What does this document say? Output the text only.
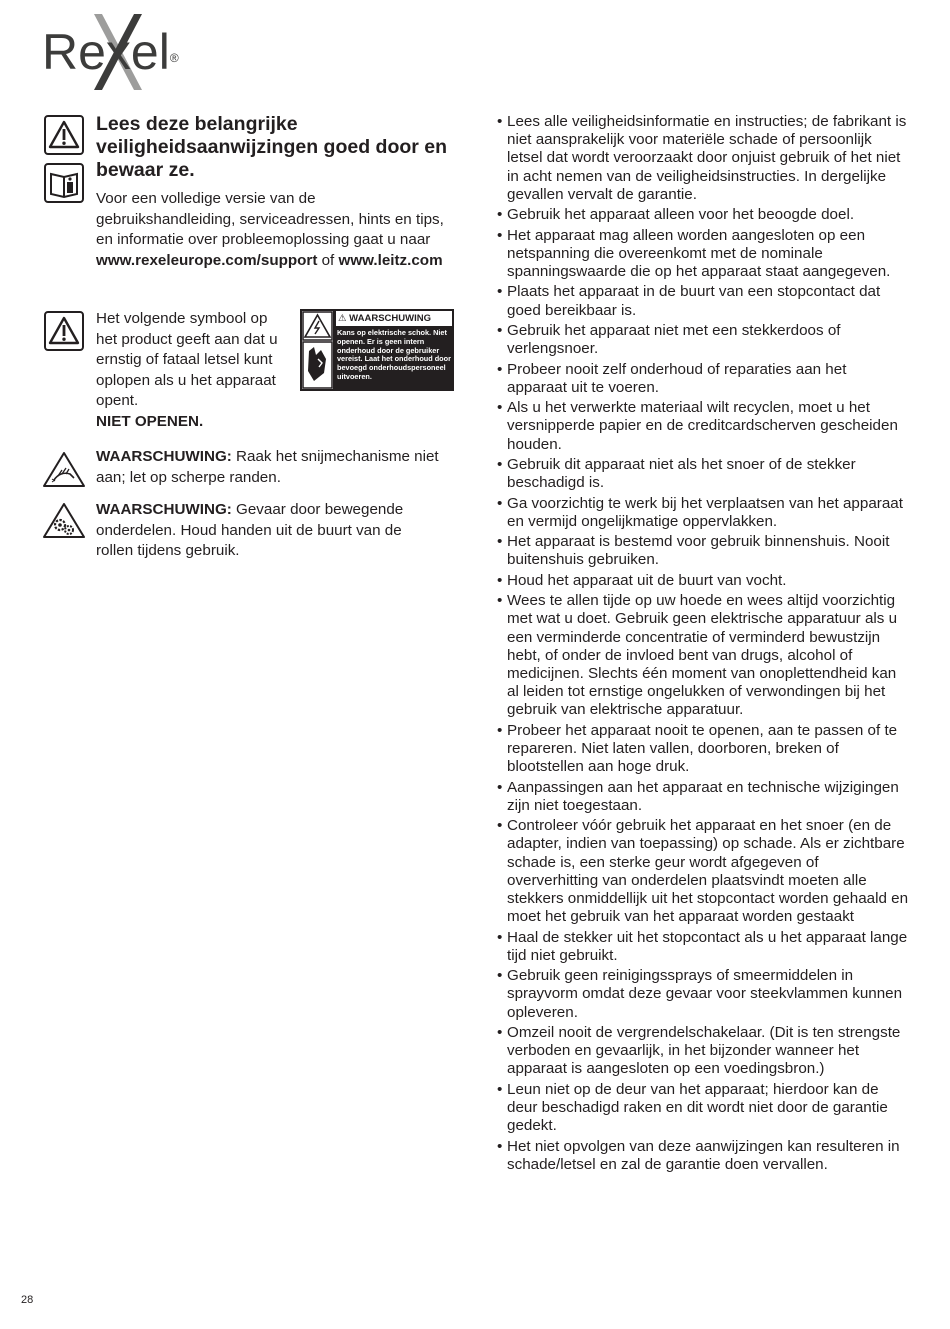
Rexel®
Lees deze belangrijke veiligheidsaanwijzingen goed door en bewaar ze.
Voor een volledige versie van de gebruikshandleiding, serviceadressen, hints en tips, en informatie over probleemoplossing gaat u naar www.rexeleurope.com/support of www.leitz.com
Het volgende symbool op het product geeft aan dat u ernstig of fataal letsel kunt oplopen als u het apparaat opent.
NIET OPENEN.
⚠ WAARSCHUWING
Kans op elektrische schok. Niet openen. Er is geen intern onderhoud door de gebruiker vereist. Laat het onderhoud door bevoegd onderhoudspersoneel uitvoeren.
WAARSCHUWING: Raak het snijmechanisme niet aan; let op scherpe randen.
WAARSCHUWING: Gevaar door bewegende onderdelen. Houd handen uit de buurt van de rollen tijdens gebruik.
• Lees alle veiligheidsinformatie en instructies; de fabrikant is niet aansprakelijk voor materiële schade of persoonlijk letsel dat wordt veroorzaakt door onjuist gebruik of het niet in acht nemen van de veiligheidsinstructies. In dergelijke gevallen vervalt de garantie.
• Gebruik het apparaat alleen voor het beoogde doel.
• Het apparaat mag alleen worden aangesloten op een netspanning die overeenkomt met de nominale spanningswaarde die op het apparaat staat aangegeven.
• Plaats het apparaat in de buurt van een stopcontact dat goed bereikbaar is.
• Gebruik het apparaat niet met een stekkerdoos of verlengsnoer.
• Probeer nooit zelf onderhoud of reparaties aan het apparaat uit te voeren.
• Als u het verwerkte materiaal wilt recyclen, moet u het versnipperde papier en de creditcardscherven gescheiden houden.
• Gebruik dit apparaat niet als het snoer of de stekker beschadigd is.
• Ga voorzichtig te werk bij het verplaatsen van het apparaat en vermijd ongelijkmatige oppervlakken.
• Het apparaat is bestemd voor gebruik binnenshuis. Nooit buitenshuis gebruiken.
• Houd het apparaat uit de buurt van vocht.
• Wees te allen tijde op uw hoede en wees altijd voorzichtig met wat u doet. Gebruik geen elektrische apparatuur als u een verminderde concentratie of verminderd bewustzijn hebt, of onder de invloed bent van drugs, alcohol of medicijnen. Slechts één moment van onoplettendheid kan al leiden tot ernstige ongelukken of verwondingen bij het gebruik van elektrische apparatuur.
• Probeer het apparaat nooit te openen, aan te passen of te repareren. Niet laten vallen, doorboren, breken of blootstellen aan hoge druk.
• Aanpassingen aan het apparaat en technische wijzigingen zijn niet toegestaan.
• Controleer vóór gebruik het apparaat en het snoer (en de adapter, indien van toepassing) op schade. Als er zichtbare schade is, een sterke geur wordt afgegeven of oververhitting van onderdelen plaatsvindt moeten alle stekkers onmiddellijk uit het stopcontact worden gehaald en moet het gebruik van het apparaat worden gestaakt
• Haal de stekker uit het stopcontact als u het apparaat lange tijd niet gebruikt.
• Gebruik geen reinigingssprays of smeermiddelen in sprayvorm omdat deze gevaar voor steekvlammen kunnen opleveren.
• Omzeil nooit de vergrendelschakelaar. (Dit is ten strengste verboden en gevaarlijk, in het bijzonder wanneer het apparaat is aangesloten op een voedingsbron.)
• Leun niet op de deur van het apparaat; hierdoor kan de deur beschadigd raken en dit wordt niet door de garantie gedekt.
• Het niet opvolgen van deze aanwijzingen kan resulteren in schade/letsel en zal de garantie doen vervallen.
28
